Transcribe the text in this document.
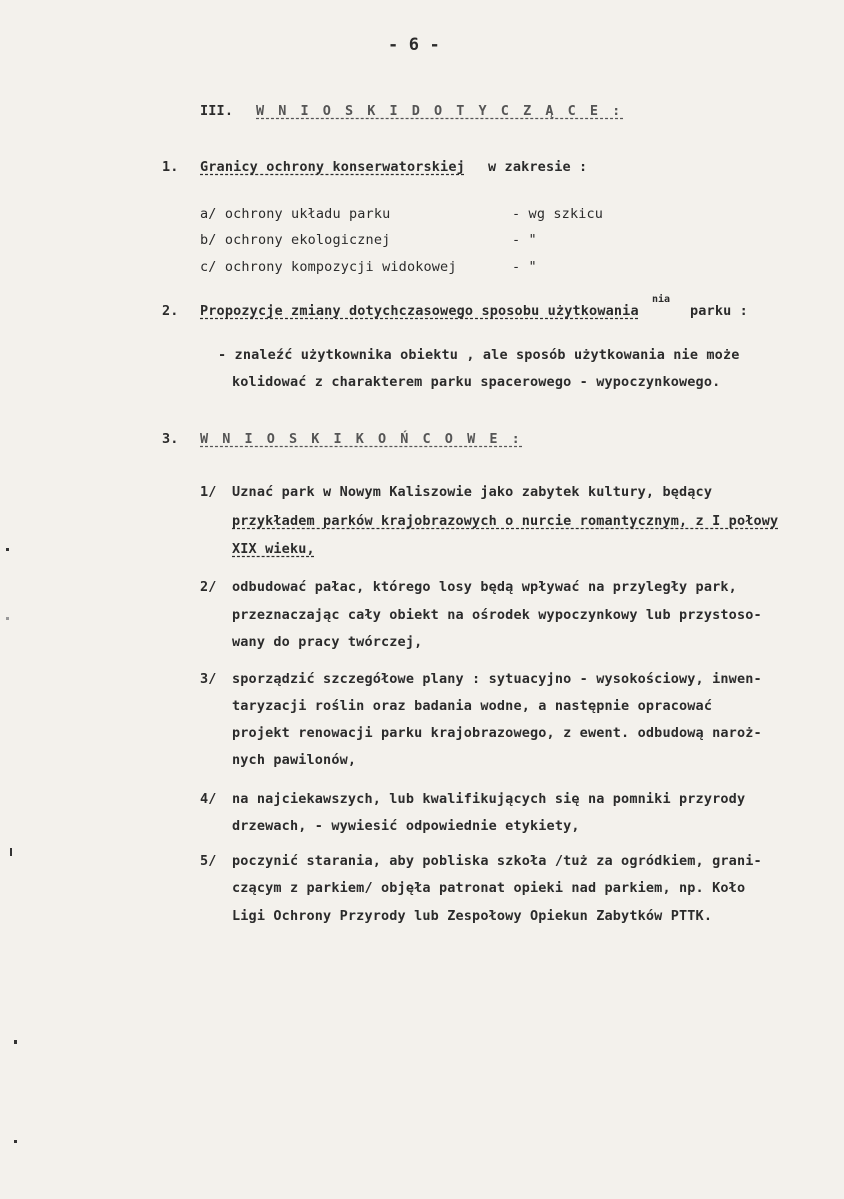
- 6 -
III. W N I O S K I D O T Y C Z Ą C E :
1. Granicy ochrony konserwatorskiej w zakresie :
a/ ochrony układu parku	- wg szkicu
b/ ochrony ekologicznej	- "
c/ ochrony kompozycji widokowej	- "
2. Propozycje zmiany dotychczasowego sposobu użytkowania
nia
parku :
- znaleźć użytkownika obiektu , ale sposób użytkowania nie może
kolidować z charakterem parku spacerowego - wypoczynkowego.
3. W N I O S K I K O Ń C O W E :
1/ Uznać park w Nowym Kaliszowie jako zabytek kultury, będący
przykładem parków krajobrazowych o nurcie romantycznym, z I połowy
XIX wieku,
2/ odbudować pałac, którego losy będą wpływać na przyległy park,
przeznaczając cały obiekt na ośrodek wypoczynkowy lub przystoso-
wany do pracy twórczej,
3/ sporządzić szczegółowe plany : sytuacyjno - wysokościowy, inwen-
taryzacji roślin oraz badania wodne, a następnie opracować
projekt renowacji parku krajobrazowego, z ewent. odbudową naroż-
nych pawilonów,
4/ na najciekawszych, lub kwalifikujących się na pomniki przyrody
drzewach, - wywiesić odpowiednie etykiety,
5/ poczynić starania, aby pobliska szkoła /tuż za ogródkiem, grani-
czącym z parkiem/ objęła patronat opieki nad parkiem, np. Koło
Ligi Ochrony Przyrody lub Zespołowy Opiekun Zabytków PTTK.
